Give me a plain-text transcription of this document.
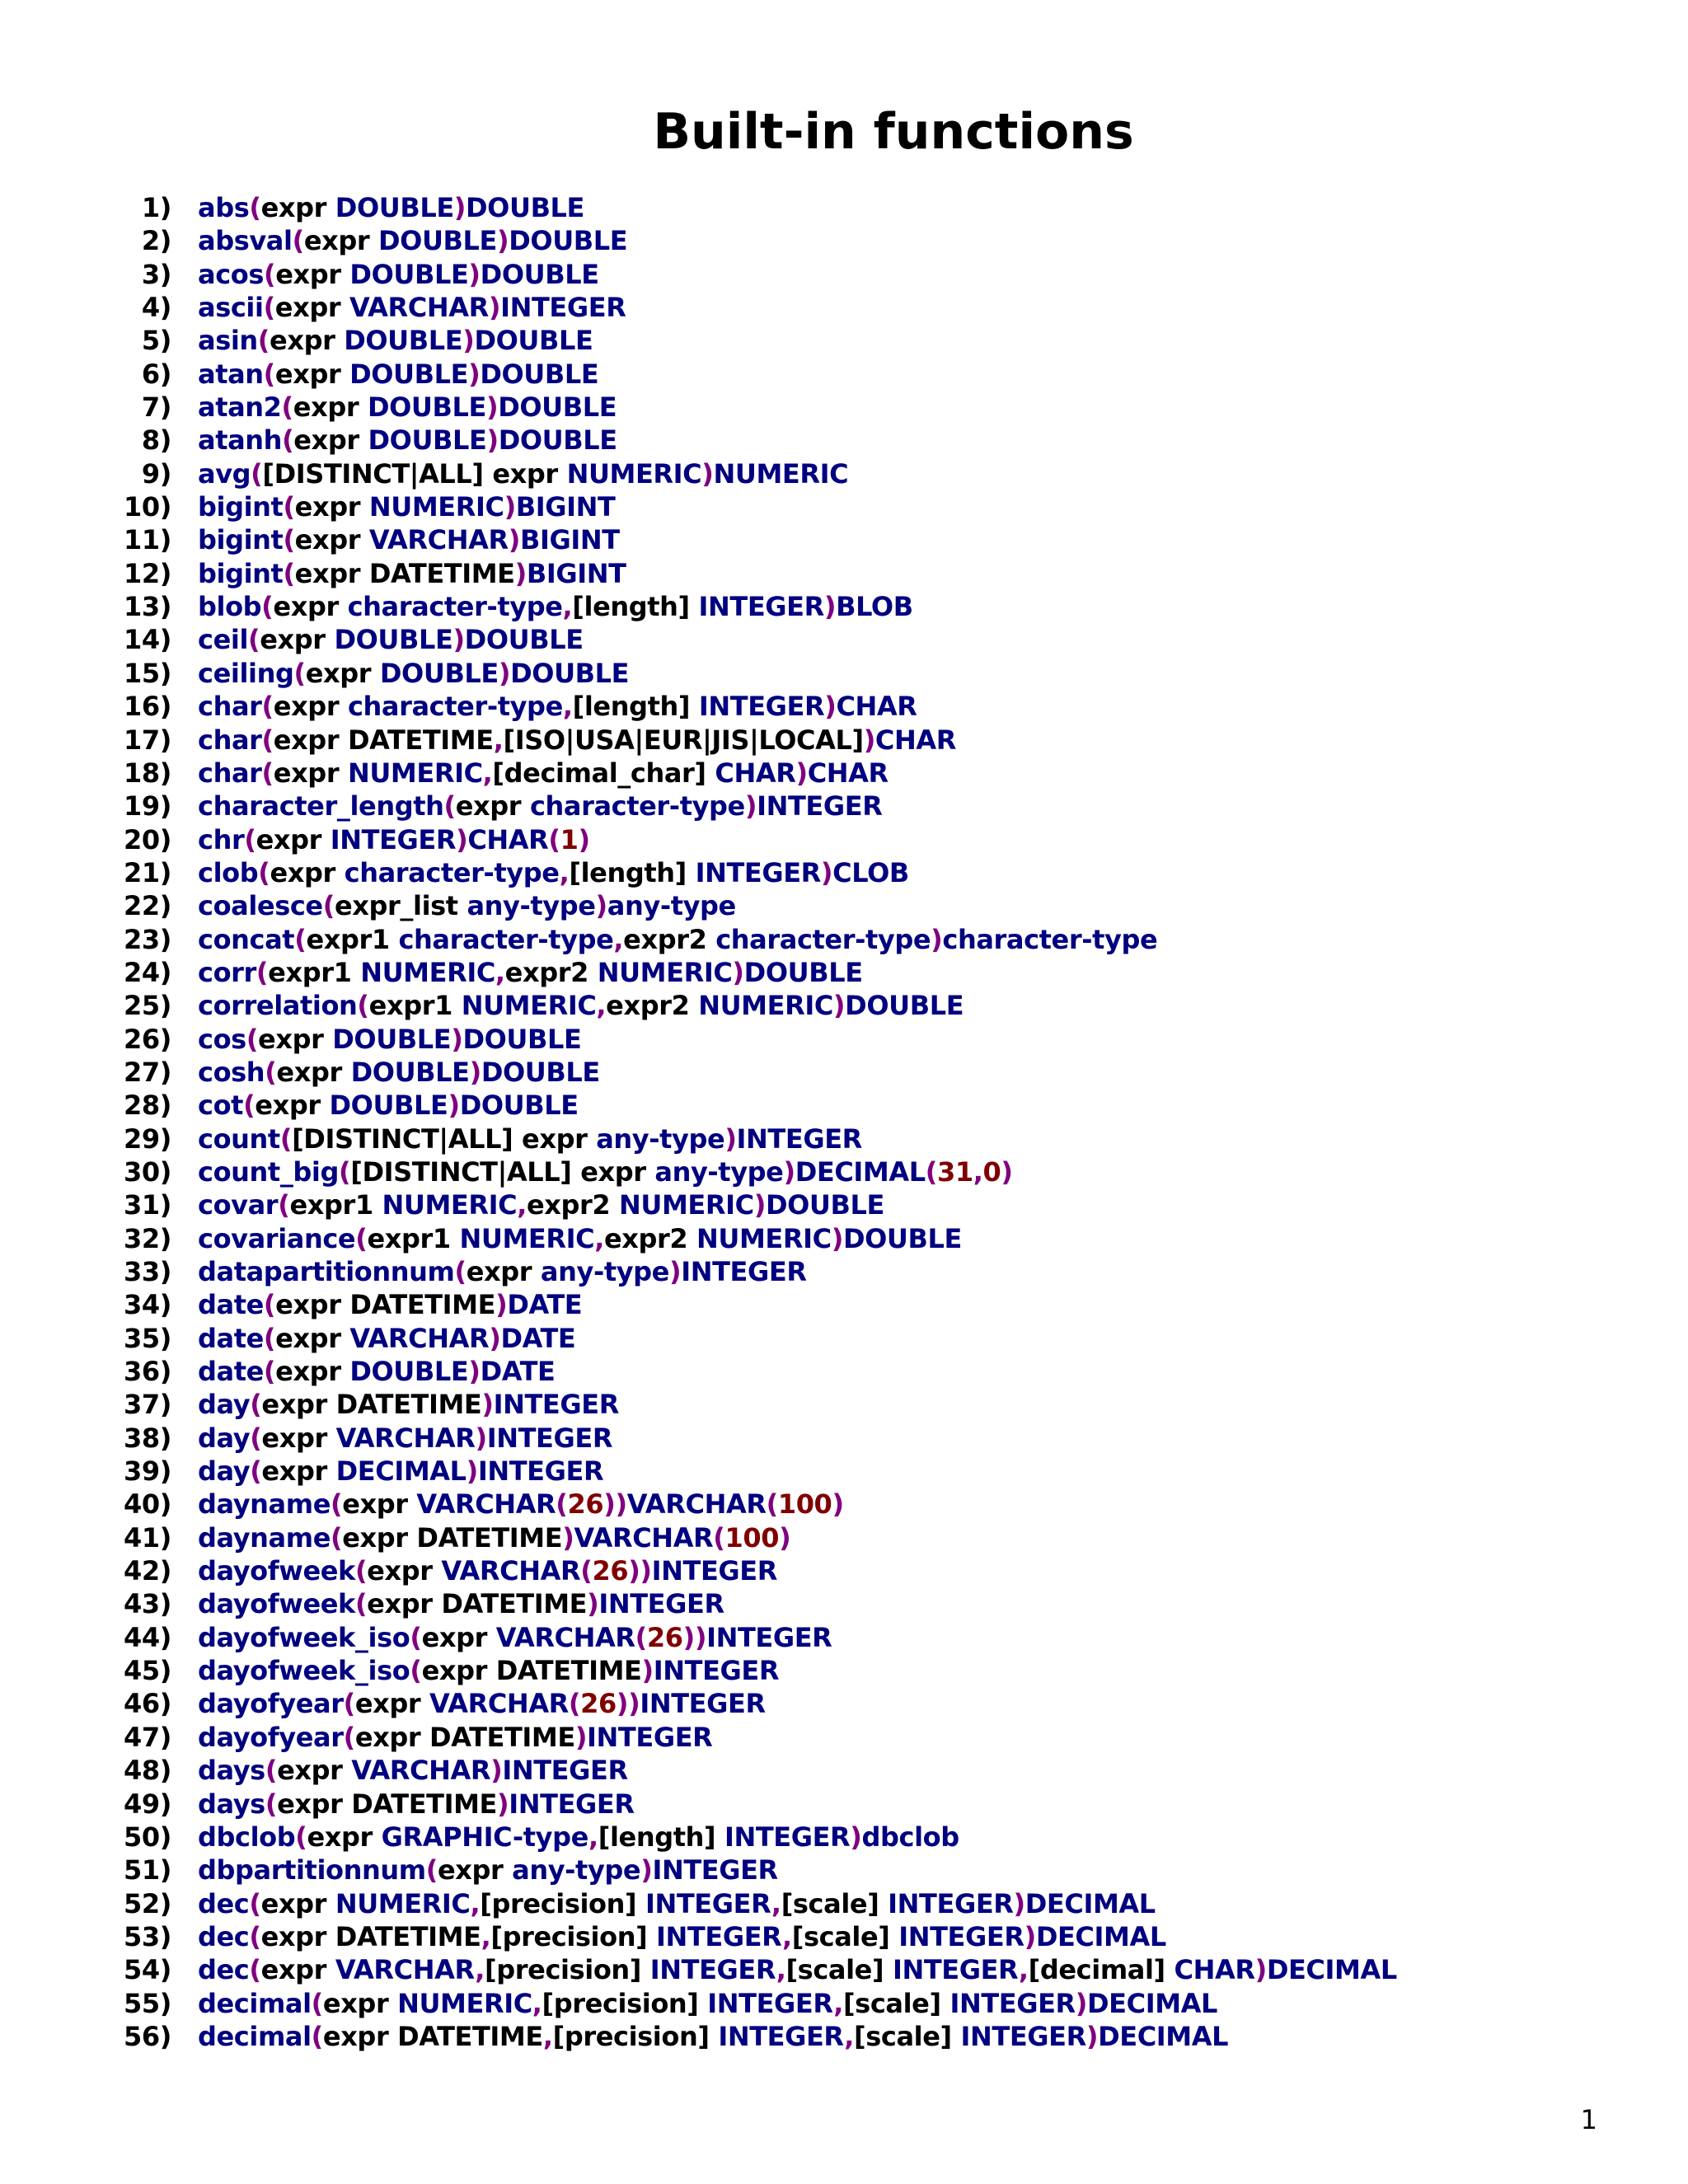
Built-in functions
1) abs(expr DOUBLE)DOUBLE
2) absval(expr DOUBLE)DOUBLE
3) acos(expr DOUBLE)DOUBLE
4) ascii(expr VARCHAR)INTEGER
5) asin(expr DOUBLE)DOUBLE
6) atan(expr DOUBLE)DOUBLE
7) atan2(expr DOUBLE)DOUBLE
8) atanh(expr DOUBLE)DOUBLE
9) avg([DISTINCT|ALL] expr NUMERIC)NUMERIC
10) bigint(expr NUMERIC)BIGINT
11) bigint(expr VARCHAR)BIGINT
12) bigint(expr DATETIME)BIGINT
13) blob(expr character-type,[length] INTEGER)BLOB
14) ceil(expr DOUBLE)DOUBLE
15) ceiling(expr DOUBLE)DOUBLE
16) char(expr character-type,[length] INTEGER)CHAR
17) char(expr DATETIME,[ISO|USA|EUR|JIS|LOCAL])CHAR
18) char(expr NUMERIC,[decimal_char] CHAR)CHAR
19) character_length(expr character-type)INTEGER
20) chr(expr INTEGER)CHAR(1)
21) clob(expr character-type,[length] INTEGER)CLOB
22) coalesce(expr_list any-type)any-type
23) concat(expr1 character-type,expr2 character-type)character-type
24) corr(expr1 NUMERIC,expr2 NUMERIC)DOUBLE
25) correlation(expr1 NUMERIC,expr2 NUMERIC)DOUBLE
26) cos(expr DOUBLE)DOUBLE
27) cosh(expr DOUBLE)DOUBLE
28) cot(expr DOUBLE)DOUBLE
29) count([DISTINCT|ALL] expr any-type)INTEGER
30) count_big([DISTINCT|ALL] expr any-type)DECIMAL(31,0)
31) covar(expr1 NUMERIC,expr2 NUMERIC)DOUBLE
32) covariance(expr1 NUMERIC,expr2 NUMERIC)DOUBLE
33) datapartitionnum(expr any-type)INTEGER
34) date(expr DATETIME)DATE
35) date(expr VARCHAR)DATE
36) date(expr DOUBLE)DATE
37) day(expr DATETIME)INTEGER
38) day(expr VARCHAR)INTEGER
39) day(expr DECIMAL)INTEGER
40) dayname(expr VARCHAR(26))VARCHAR(100)
41) dayname(expr DATETIME)VARCHAR(100)
42) dayofweek(expr VARCHAR(26))INTEGER
43) dayofweek(expr DATETIME)INTEGER
44) dayofweek_iso(expr VARCHAR(26))INTEGER
45) dayofweek_iso(expr DATETIME)INTEGER
46) dayofyear(expr VARCHAR(26))INTEGER
47) dayofyear(expr DATETIME)INTEGER
48) days(expr VARCHAR)INTEGER
49) days(expr DATETIME)INTEGER
50) dbclob(expr GRAPHIC-type,[length] INTEGER)dbclob
51) dbpartitionnum(expr any-type)INTEGER
52) dec(expr NUMERIC,[precision] INTEGER,[scale] INTEGER)DECIMAL
53) dec(expr DATETIME,[precision] INTEGER,[scale] INTEGER)DECIMAL
54) dec(expr VARCHAR,[precision] INTEGER,[scale] INTEGER,[decimal] CHAR)DECIMAL
55) decimal(expr NUMERIC,[precision] INTEGER,[scale] INTEGER)DECIMAL
56) decimal(expr DATETIME,[precision] INTEGER,[scale] INTEGER)DECIMAL
1
